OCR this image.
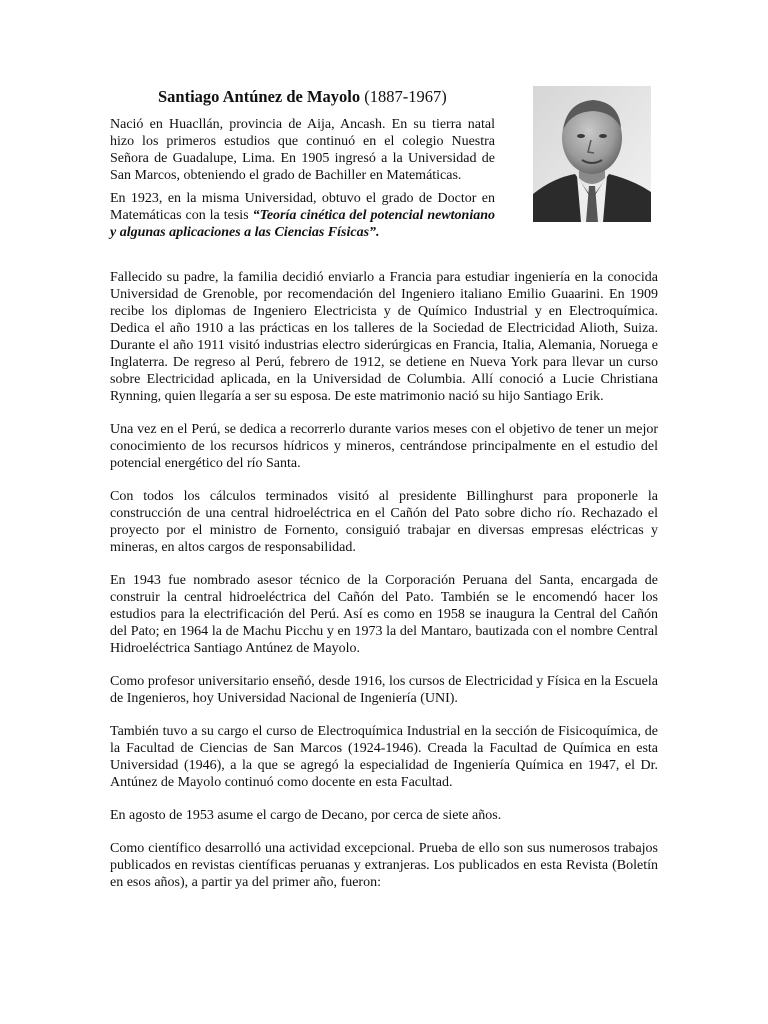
Santiago Antúnez de Mayolo (1887-1967)

Nació en Huacllán, provincia de Aija, Ancash. En su tierra natal hizo los primeros estudios que continuó en el colegio Nuestra Señora de Guadalupe, Lima. En 1905 ingresó a la Universidad de San Marcos, obteniendo el grado de Bachiller en Matemáticas.

En 1923, en la misma Universidad, obtuvo el grado de Doctor en Matemáticas con la tesis “Teoría cinética del potencial newtoniano y algunas aplicaciones a las Ciencias Físicas”.

Fallecido su padre, la familia decidió enviarlo a Francia para estudiar ingeniería en la conocida Universidad de Grenoble, por recomendación del Ingeniero italiano Emilio Guaarini. En 1909 recibe los diplomas de Ingeniero Electricista y de Químico Industrial y en Electroquímica. Dedica el año 1910 a las prácticas en los talleres de la Sociedad de Electricidad Alioth, Suiza. Durante el año 1911 visitó industrias electro siderúrgicas en Francia, Italia, Alemania, Noruega e Inglaterra. De regreso al Perú, febrero de 1912, se detiene en Nueva York para llevar un curso sobre Electricidad aplicada, en la Universidad de Columbia. Allí conoció a Lucie Christiana Rynning, quien llegaría a ser su esposa. De este matrimonio nació su hijo Santiago Erik.

Una vez en el Perú, se dedica a recorrerlo durante varios meses con el objetivo de tener un mejor conocimiento de los recursos hídricos y mineros, centrándose principalmente en el estudio del potencial energético del río Santa.

Con todos los cálculos terminados visitó al presidente Billinghurst para proponerle la construcción de una central hidroeléctrica en el Cañón del Pato sobre dicho río. Rechazado el proyecto por el ministro de Fornento, consiguió trabajar en diversas empresas eléctricas y mineras, en altos cargos de responsabilidad.

En 1943 fue nombrado asesor técnico de la Corporación Peruana del Santa, encargada de construir la central hidroeléctrica del Cañón del Pato. También se le encomendó hacer los estudios para la electrificación del Perú. Así es como en 1958 se inaugura la Central del Cañón del Pato; en 1964 la de Machu Picchu y en 1973 la del Mantaro, bautizada con el nombre Central Hidroeléctrica Santiago Antúnez de Mayolo.

Como profesor universitario enseñó, desde 1916, los cursos de Electricidad y Física en la Escuela de Ingenieros, hoy Universidad Nacional de Ingeniería (UNI).

También tuvo a su cargo el curso de Electroquímica Industrial en la sección de Fisicoquímica, de la Facultad de Ciencias de San Marcos (1924-1946). Creada la Facultad de Química en esta Universidad (1946), a la que se agregó la especialidad de Ingeniería Química en 1947, el Dr. Antúnez de Mayolo continuó como docente en esta Facultad.

En agosto de 1953 asume el cargo de Decano, por cerca de siete años.

Como científico desarrolló una actividad excepcional. Prueba de ello son sus numerosos trabajos publicados en revistas científicas peruanas y extranjeras. Los publicados en esta Revista (Boletín en esos años), a partir ya del primer año, fueron:
